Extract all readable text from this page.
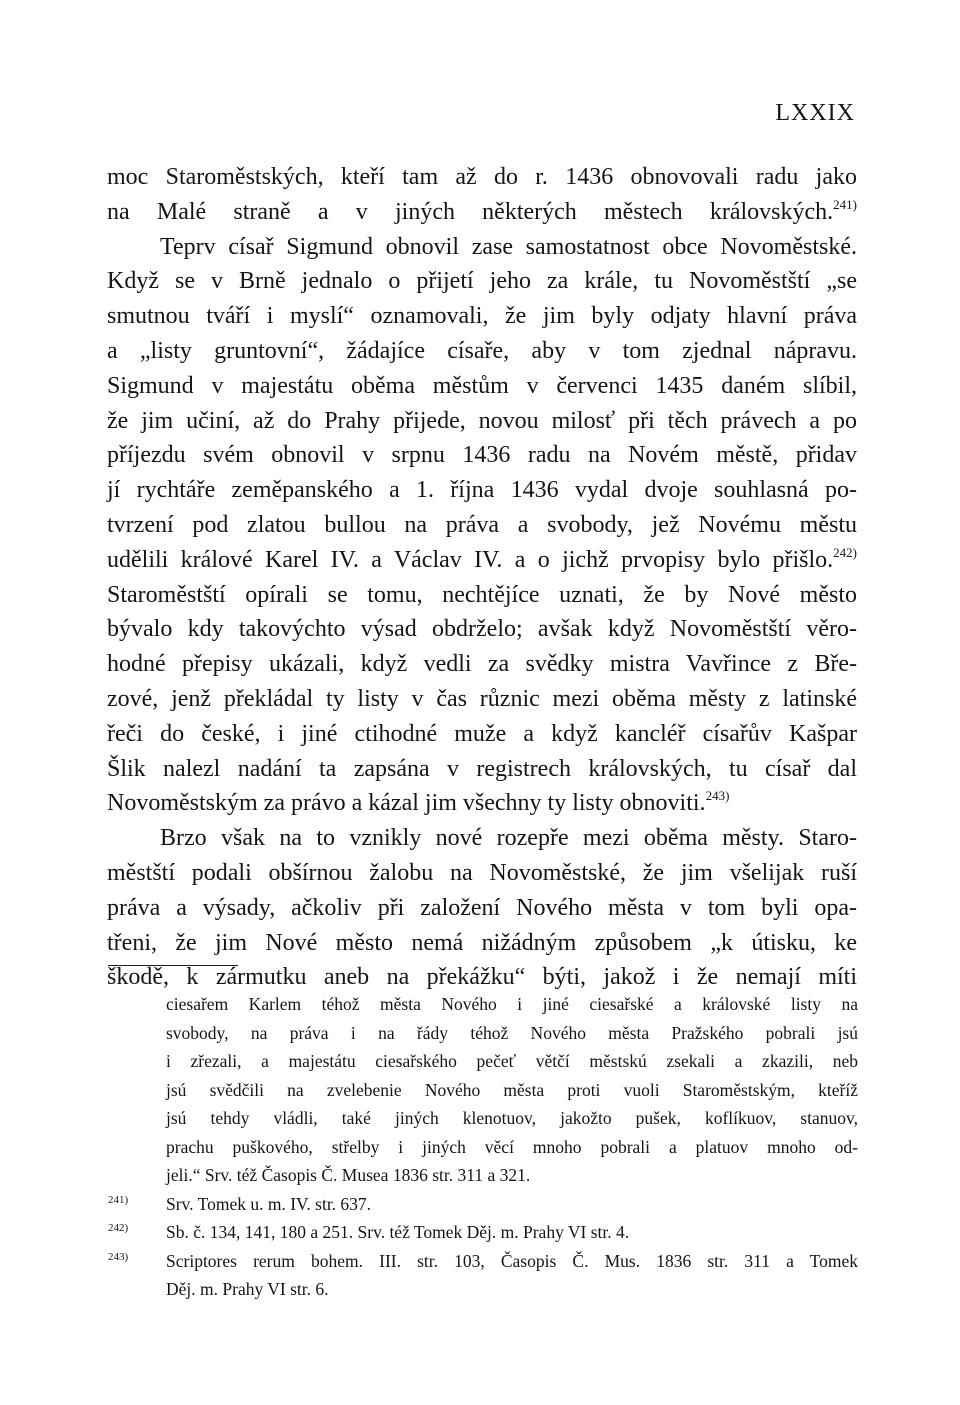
LXXIX
moc Staroměstských, kteří tam až do r. 1436 obnovovali radu jako
na Malé straně a v jiných některých městech královských.$^{241)}$
Teprv císař Sigmund obnovil zase samostatnost obce Novoměstské.
Když se v Brně jednalo o přijetí jeho za krále, tu Novoměstští „se
smutnou tváří i myslí“ oznamovali, že jim byly odjaty hlavní práva
a „listy gruntovní“, žádajíce císaře, aby v tom zjednal nápravu.
Sigmund v majestátu oběma městům v červenci 1435 daném slíbil,
že jim učiní, až do Prahy přijede, novou milosť při těch právech a po
příjezdu svém obnovil v srpnu 1436 radu na Novém městě, přidav
jí rychtáře zeměpanského a 1. října 1436 vydal dvoje souhlasná po-
tvrzení pod zlatou bullou na práva a svobody, jež Novému městu
udělili králové Karel IV. a Václav IV. a o jichž prvopisy bylo přišlo.$^{242)}$
Staroměstští opírali se tomu, nechtějíce uznati, že by Nové město
bývalo kdy takovýchto výsad obdrželo; avšak když Novoměstští věro-
hodné přepisy ukázali, když vedli za svědky mistra Vavřince z Bře-
zové, jenž překládal ty listy v čas různic mezi oběma městy z latinské
řeči do české, i jiné ctihodné muže a když kancléř císařův Kašpar
Šlik nalezl nadání ta zapsána v registrech královských, tu císař dal
Novoměstským za právo a kázal jim všechny ty listy obnoviti.$^{243)}$
Brzo však na to vznikly nové rozepře mezi oběma městy. Staro-
městští podali obšírnou žalobu na Novoměstské, že jim všelijak ruší
práva a výsady, ačkoliv při založení Nového města v tom byli opa-
třeni, že jim Nové město nemá nižádným způsobem „k útisku, ke
škodě, k zármutku aneb na překážku“ býti, jakož i že nemají míti
ciesařem Karlem téhož města Nového i jiné ciesařské a královské listy na
svobody, na práva i na řády téhož Nového města Pražského pobrali jsú
i zřezali, a majestátu ciesařského pečeť větčí městskú zsekali a zkazili, neb
jsú svědčili na zvelebenie Nového města proti vuoli Staroměstským, kteříž
jsú tehdy vládli, také jiných klenotuov, jakožto pušek, koflíkuov, stanuov,
prachu puškového, střelby i jiných věcí mnoho pobrali a platuov mnoho od-
jeli.“ Srv. též Časopis Č. Musea 1836 str. 311 a 321.
$^{241)}$ Srv. Tomek u. m. IV. str. 637.
$^{242)}$ Sb. č. 134, 141, 180 a 251. Srv. též Tomek Děj. m. Prahy VI str. 4.
$^{243)}$ Scriptores rerum bohem. III. str. 103, Časopis Č. Mus. 1836 str. 311 a Tomek
Děj. m. Prahy VI str. 6.
